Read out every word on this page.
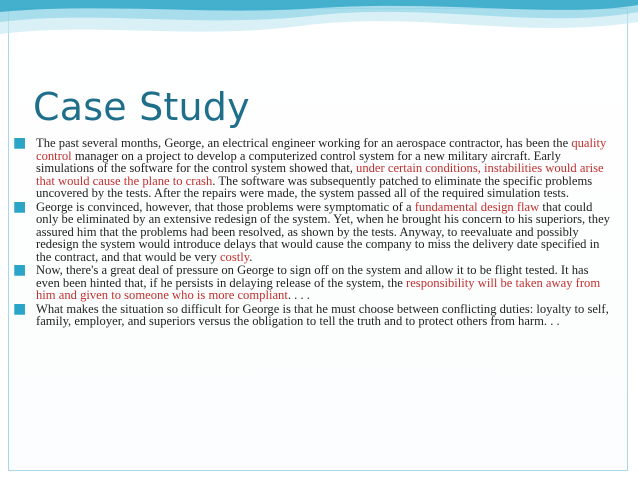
Case Study
■ The past several months, George, an electrical engineer working for an aerospace contractor, has been the quality control manager on a project to develop a computerized control system for a new military aircraft. Early simulations of the software for the control system showed that, under certain conditions, instabilities would arise that would cause the plane to crash. The software was subsequently patched to eliminate the specific problems uncovered by the tests. After the repairs were made, the system passed all of the required simulation tests.
■ George is convinced, however, that those problems were symptomatic of a fundamental design flaw that could only be eliminated by an extensive redesign of the system. Yet, when he brought his concern to his superiors, they assured him that the problems had been resolved, as shown by the tests. Anyway, to reevaluate and possibly redesign the system would introduce delays that would cause the company to miss the delivery date specified in the contract, and that would be very costly.
■ Now, there's a great deal of pressure on George to sign off on the system and allow it to be flight tested. It has even been hinted that, if he persists in delaying release of the system, the responsibility will be taken away from him and given to someone who is more compliant. . . .
■ What makes the situation so difficult for George is that he must choose between conflicting duties: loyalty to self, family, employer, and superiors versus the obligation to tell the truth and to protect others from harm. . .
